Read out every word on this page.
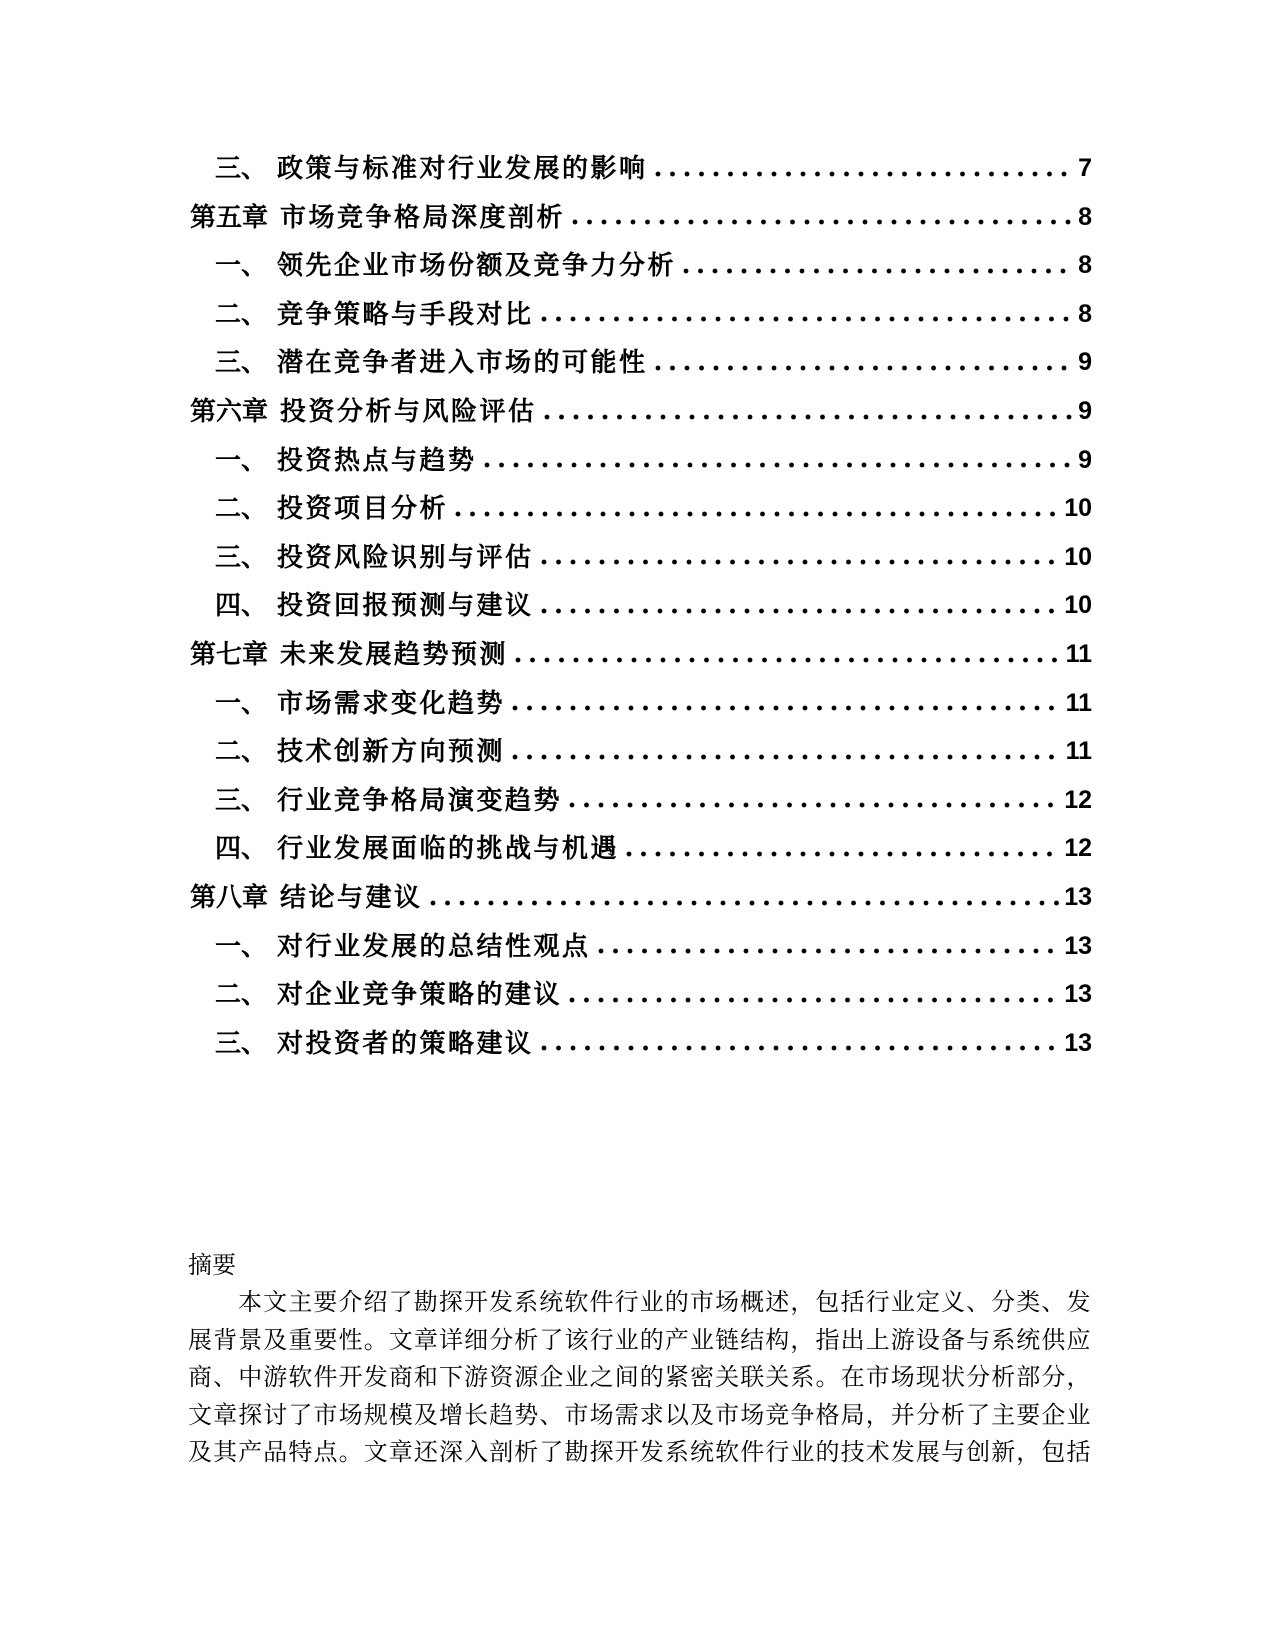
三、 政策与标准对行业发展的影响	7
第五章 市场竞争格局深度剖析	8
一、 领先企业市场份额及竞争力分析	8
二、 竞争策略与手段对比	8
三、 潜在竞争者进入市场的可能性	9
第六章 投资分析与风险评估	9
一、 投资热点与趋势	9
二、 投资项目分析	10
三、 投资风险识别与评估	10
四、 投资回报预测与建议	10
第七章 未来发展趋势预测	11
一、 市场需求变化趋势	11
二、 技术创新方向预测	11
三、 行业竞争格局演变趋势	12
四、 行业发展面临的挑战与机遇	12
第八章 结论与建议	13
一、 对行业发展的总结性观点	13
二、 对企业竞争策略的建议	13
三、 对投资者的策略建议	13
摘要
本文主要介绍了勘探开发系统软件行业的市场概述，包括行业定义、分类、发
展背景及重要性。文章详细分析了该行业的产业链结构，指出上游设备与系统供应
商、中游软件开发商和下游资源企业之间的紧密关联关系。在市场现状分析部分，
文章探讨了市场规模及增长趋势、市场需求以及市场竞争格局，并分析了主要企业
及其产品特点。文章还深入剖析了勘探开发系统软件行业的技术发展与创新，包括
